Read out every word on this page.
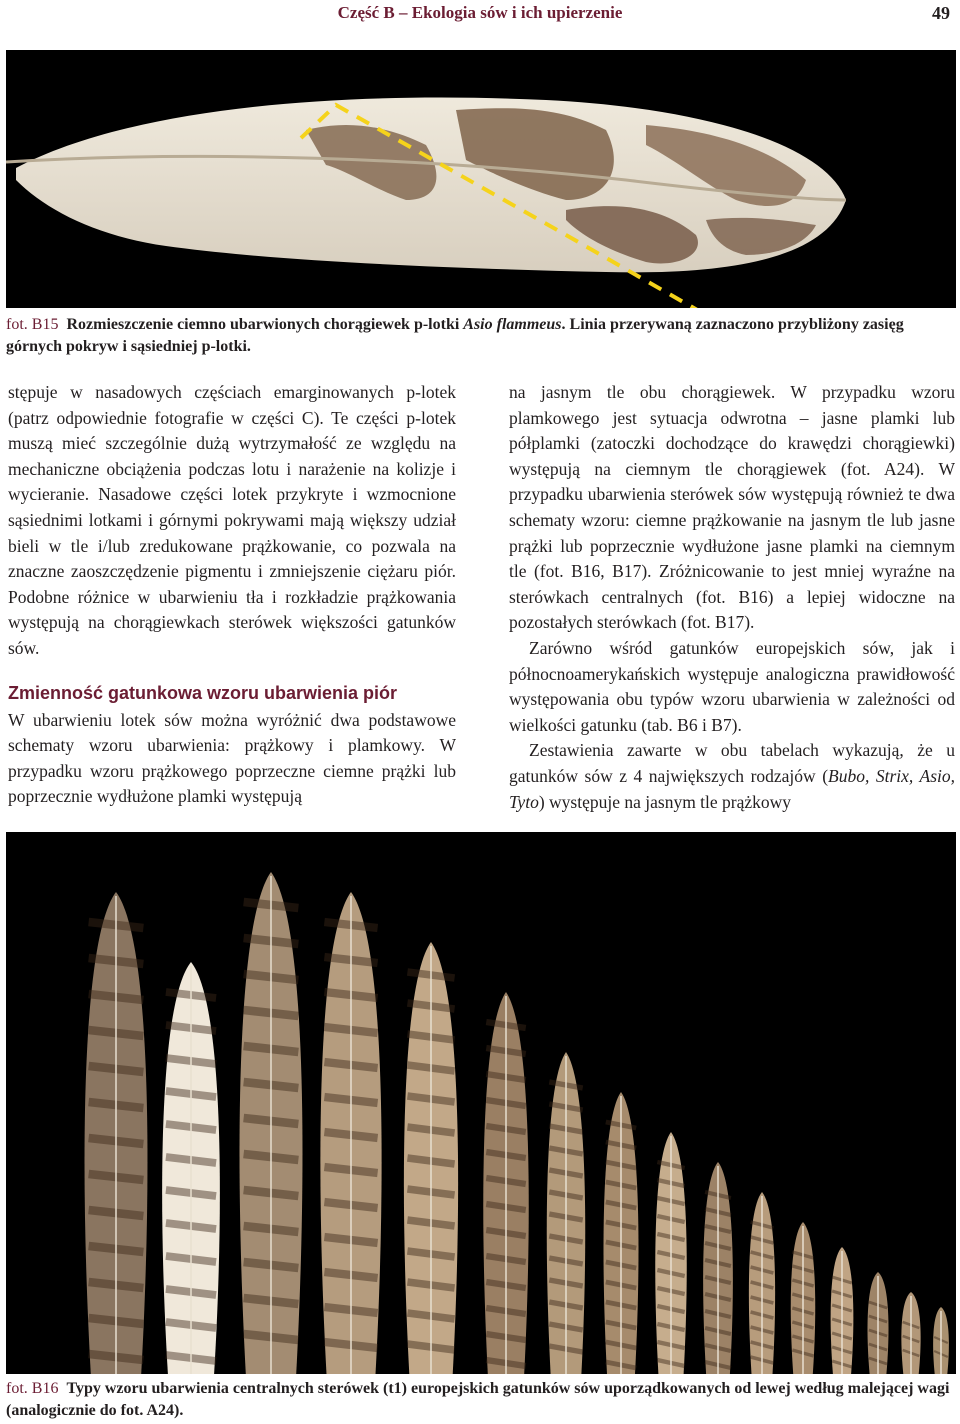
Część B – Ekologia sów i ich upierzenie	49
fot. B15 Rozmieszczenie ciemno ubarwionych chorągiewek p-lotki Asio flammeus. Linia przerywaną zaznaczono przybliżony zasięg górnych pokryw i sąsiedniej p-lotki.

stępuje w nasadowych częściach emarginowanych p-lotek (patrz odpowiednie fotografie w części C). Te części p-lotek muszą mieć szczególnie dużą wytrzymałość ze względu na mechaniczne obciążenia podczas lotu i narażenie na kolizje i wycieranie. Nasadowe części lotek przykryte i wzmocnione sąsiednimi lotkami i górnymi pokrywami mają większy udział bieli w tle i/lub zredukowane prążkowanie, co pozwala na znaczne zaoszczędzenie pigmentu i zmniejszenie ciężaru piór. Podobne różnice w ubarwieniu tła i rozkładzie prążkowania występują na chorągiewkach sterówek większości gatunków sów.

Zmienność gatunkowa wzoru ubarwienia piór

W ubarwieniu lotek sów można wyróżnić dwa podstawowe schematy wzoru ubarwienia: prążkowy i plamkowy. W przypadku wzoru prążkowego poprzeczne ciemne prążki lub poprzecznie wydłużone plamki występują

na jasnym tle obu chorągiewek. W przypadku wzoru plamkowego jest sytuacja odwrotna – jasne plamki lub półplamki (zatoczki dochodzące do krawędzi chorągiewki) występują na ciemnym tle chorągiewek (fot. A24). W przypadku ubarwienia sterówek sów występują również te dwa schematy wzoru: ciemne prążkowanie na jasnym tle lub jasne prążki lub poprzecznie wydłużone jasne plamki na ciemnym tle (fot. B16, B17). Zróżnicowanie to jest mniej wyraźne na sterówkach centralnych (fot. B16) a lepiej widoczne na pozostałych sterówkach (fot. B17).

Zarówno wśród gatunków europejskich sów, jak i północnoamerykańskich występuje analogiczna prawidłowość występowania obu typów wzoru ubarwienia w zależności od wielkości gatunku (tab. B6 i B7).

Zestawienia zawarte w obu tabelach wykazują, że u gatunków sów z 4 największych rodzajów (Bubo, Strix, Asio, Tyto) występuje na jasnym tle prążkowy

fot. B16 Typy wzoru ubarwienia centralnych sterówek (t1) europejskich gatunków sów uporządkowanych od lewej według malejącej wagi (analogicznie do fot. A24).
